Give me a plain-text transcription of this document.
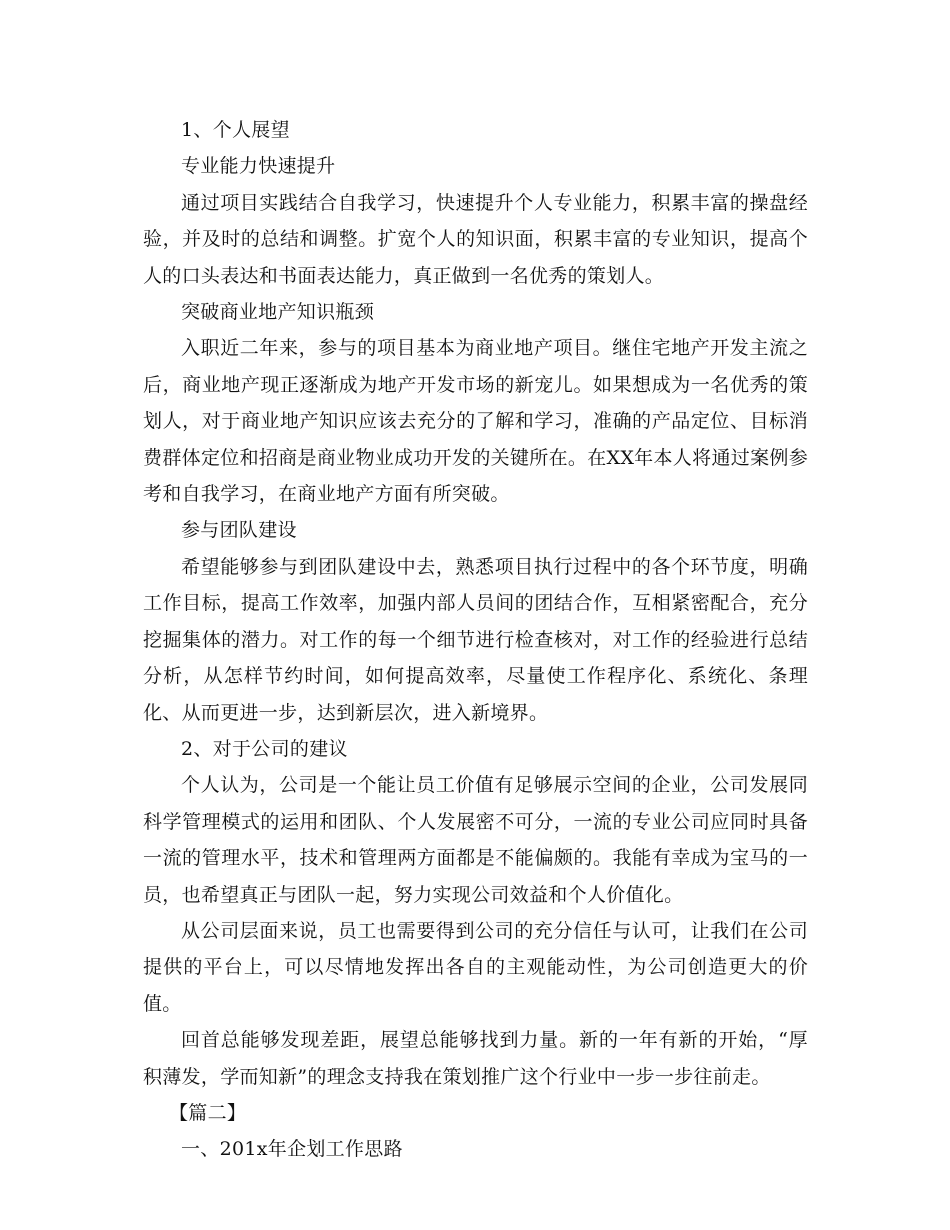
1、个人展望

专业能力快速提升

通过项目实践结合自我学习，快速提升个人专业能力，积累丰富的操盘经验，并及时的总结和调整。扩宽个人的知识面，积累丰富的专业知识，提高个人的口头表达和书面表达能力，真正做到一名优秀的策划人。

突破商业地产知识瓶颈

入职近二年来，参与的项目基本为商业地产项目。继住宅地产开发主流之后，商业地产现正逐渐成为地产开发市场的新宠儿。如果想成为一名优秀的策划人，对于商业地产知识应该去充分的了解和学习，准确的产品定位、目标消费群体定位和招商是商业物业成功开发的关键所在。在XX年本人将通过案例参考和自我学习，在商业地产方面有所突破。

参与团队建设

希望能够参与到团队建设中去，熟悉项目执行过程中的各个环节度，明确工作目标，提高工作效率，加强内部人员间的团结合作，互相紧密配合，充分挖掘集体的潜力。对工作的每一个细节进行检查核对，对工作的经验进行总结分析，从怎样节约时间，如何提高效率，尽量使工作程序化、系统化、条理化、从而更进一步，达到新层次，进入新境界。

2、对于公司的建议

个人认为，公司是一个能让员工价值有足够展示空间的企业，公司发展同科学管理模式的运用和团队、个人发展密不可分，一流的专业公司应同时具备一流的管理水平，技术和管理两方面都是不能偏颇的。我能有幸成为宝马的一员，也希望真正与团队一起，努力实现公司效益和个人价值化。

从公司层面来说，员工也需要得到公司的充分信任与认可，让我们在公司提供的平台上，可以尽情地发挥出各自的主观能动性，为公司创造更大的价值。

回首总能够发现差距，展望总能够找到力量。新的一年有新的开始，“厚积薄发，学而知新”的理念支持我在策划推广这个行业中一步一步往前走。

【篇二】

一、201x年企划工作思路
